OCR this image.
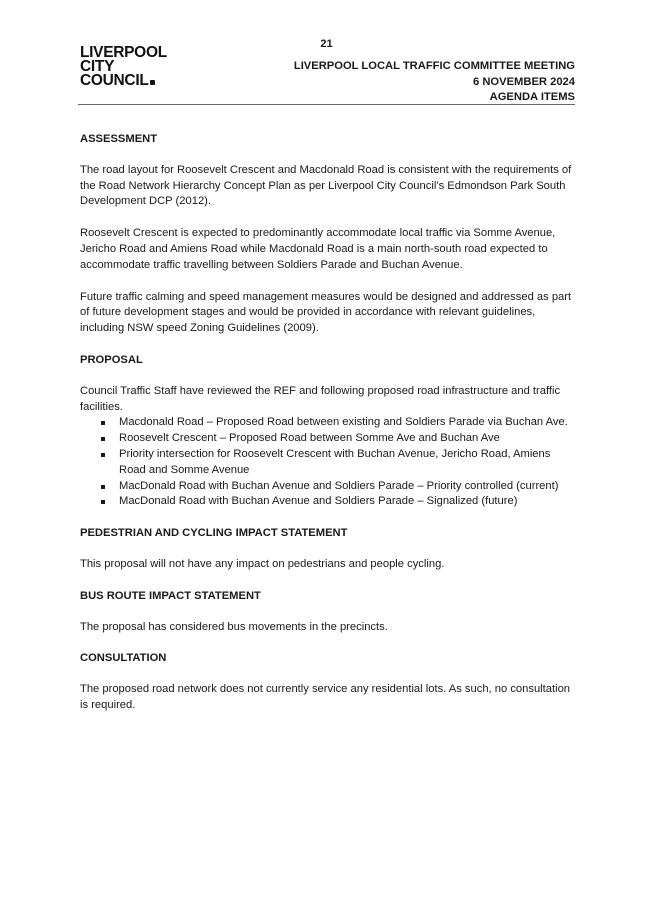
21
LIVERPOOL
CITY
COUNCIL
LIVERPOOL LOCAL TRAFFIC COMMITTEE MEETING
6 NOVEMBER 2024
AGENDA ITEMS
ASSESSMENT

The road layout for Roosevelt Crescent and Macdonald Road is consistent with the requirements of the Road Network Hierarchy Concept Plan as per Liverpool City Council’s Edmondson Park South Development DCP (2012).

Roosevelt Crescent is expected to predominantly accommodate local traffic via Somme Avenue, Jericho Road and Amiens Road while Macdonald Road is a main north-south road expected to accommodate traffic travelling between Soldiers Parade and Buchan Avenue.

Future traffic calming and speed management measures would be designed and addressed as part of future development stages and would be provided in accordance with relevant guidelines, including NSW speed Zoning Guidelines (2009).

PROPOSAL

Council Traffic Staff have reviewed the REF and following proposed road infrastructure and traffic facilities.

Macdonald Road – Proposed Road between existing and Soldiers Parade via Buchan Ave.
Roosevelt Crescent – Proposed Road between Somme Ave and Buchan Ave
Priority intersection for Roosevelt Crescent with Buchan Avenue, Jericho Road, Amiens Road and Somme Avenue
MacDonald Road with Buchan Avenue and Soldiers Parade – Priority controlled (current)
MacDonald Road with Buchan Avenue and Soldiers Parade – Signalized (future)
PEDESTRIAN AND CYCLING IMPACT STATEMENT

This proposal will not have any impact on pedestrians and people cycling.

BUS ROUTE IMPACT STATEMENT

The proposal has considered bus movements in the precincts.

CONSULTATION

The proposed road network does not currently service any residential lots. As such, no consultation is required.
